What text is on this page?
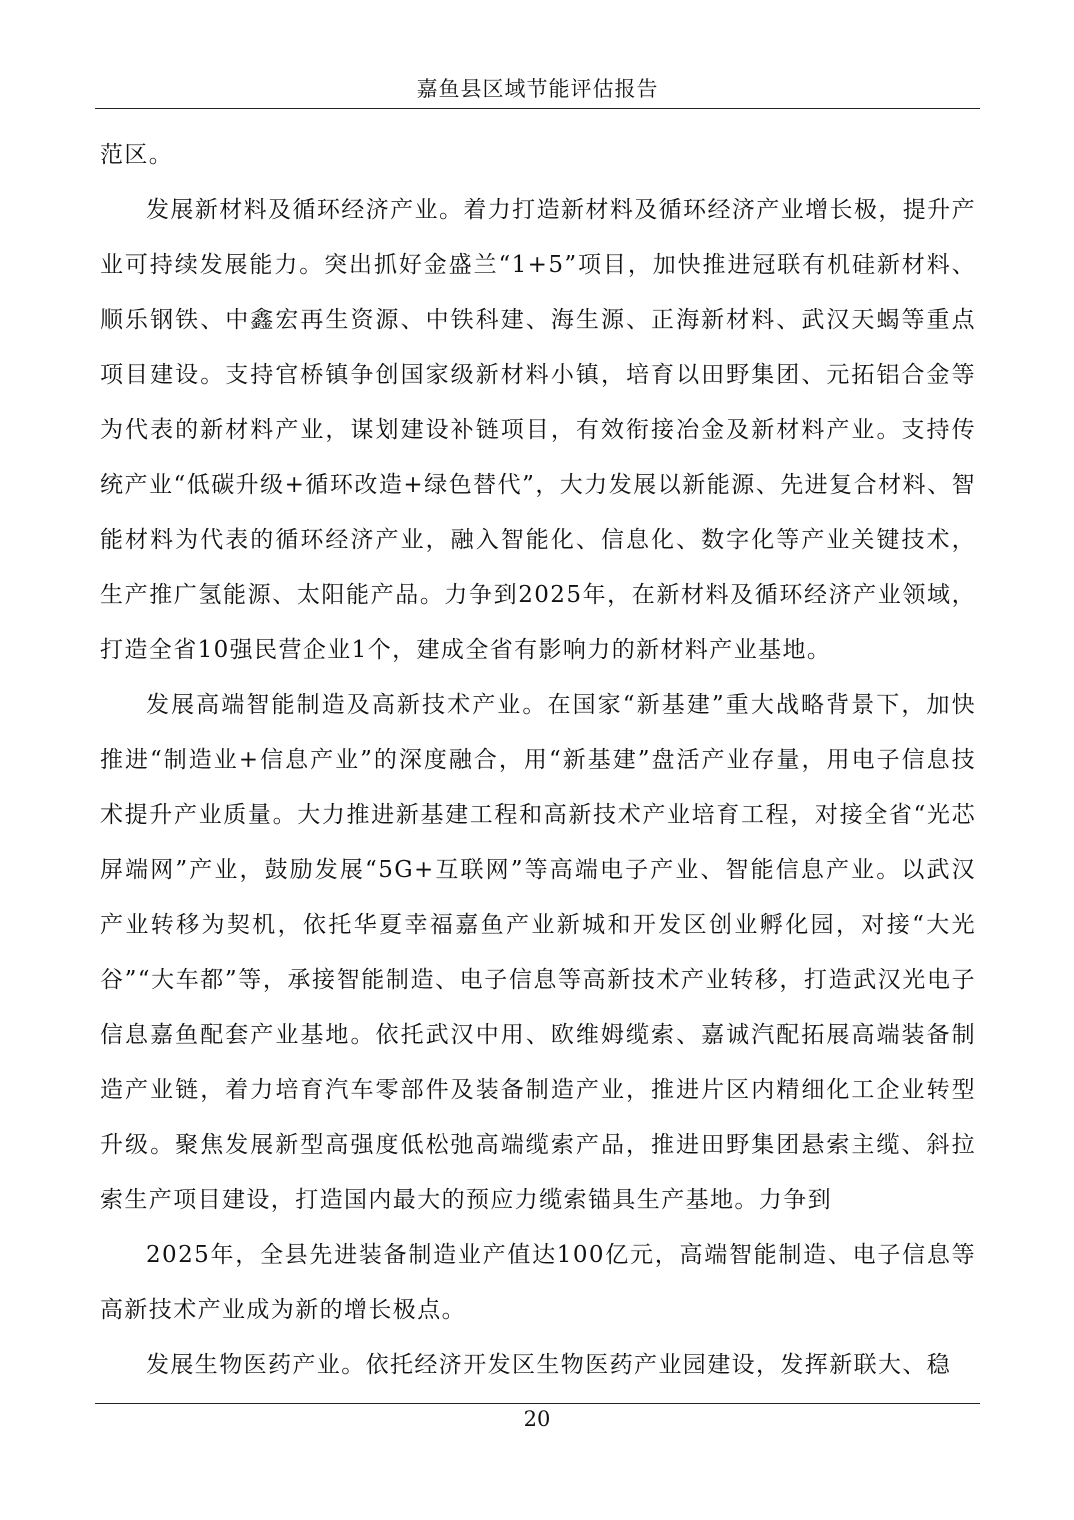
嘉鱼县区域节能评估报告

范区。

发展新材料及循环经济产业。着力打造新材料及循环经济产业增长极，提升产业可持续发展能力。突出抓好金盛兰“1+5”项目，加快推进冠联有机硅新材料、顺乐钢铁、中鑫宏再生资源、中铁科建、海生源、正海新材料、武汉天蝎等重点项目建设。支持官桥镇争创国家级新材料小镇，培育以田野集团、元拓铝合金等为代表的新材料产业，谋划建设补链项目，有效衔接冶金及新材料产业。支持传统产业“低碳升级+循环改造+绿色替代”，大力发展以新能源、先进复合材料、智能材料为代表的循环经济产业，融入智能化、信息化、数字化等产业关键技术，生产推广氢能源、太阳能产品。力争到2025年，在新材料及循环经济产业领域，打造全省10强民营企业1个，建成全省有影响力的新材料产业基地。

发展高端智能制造及高新技术产业。在国家“新基建”重大战略背景下，加快推进“制造业+信息产业”的深度融合，用“新基建”盘活产业存量，用电子信息技术提升产业质量。大力推进新基建工程和高新技术产业培育工程，对接全省“光芯屏端网”产业，鼓励发展“5G+互联网”等高端电子产业、智能信息产业。以武汉产业转移为契机，依托华夏幸福嘉鱼产业新城和开发区创业孵化园，对接“大光谷”“大车都”等，承接智能制造、电子信息等高新技术产业转移，打造武汉光电子信息嘉鱼配套产业基地。依托武汉中用、欧维姆缆索、嘉诚汽配拓展高端装备制造产业链，着力培育汽车零部件及装备制造产业，推进片区内精细化工企业转型升级。聚焦发展新型高强度低松弛高端缆索产品，推进田野集团悬索主缆、斜拉索生产项目建设，打造国内最大的预应力缆索锚具生产基地。力争到

2025年，全县先进装备制造业产值达100亿元，高端智能制造、电子信息等高新技术产业成为新的增长极点。

发展生物医药产业。依托经济开发区生物医药产业园建设，发挥新联大、稳

20
